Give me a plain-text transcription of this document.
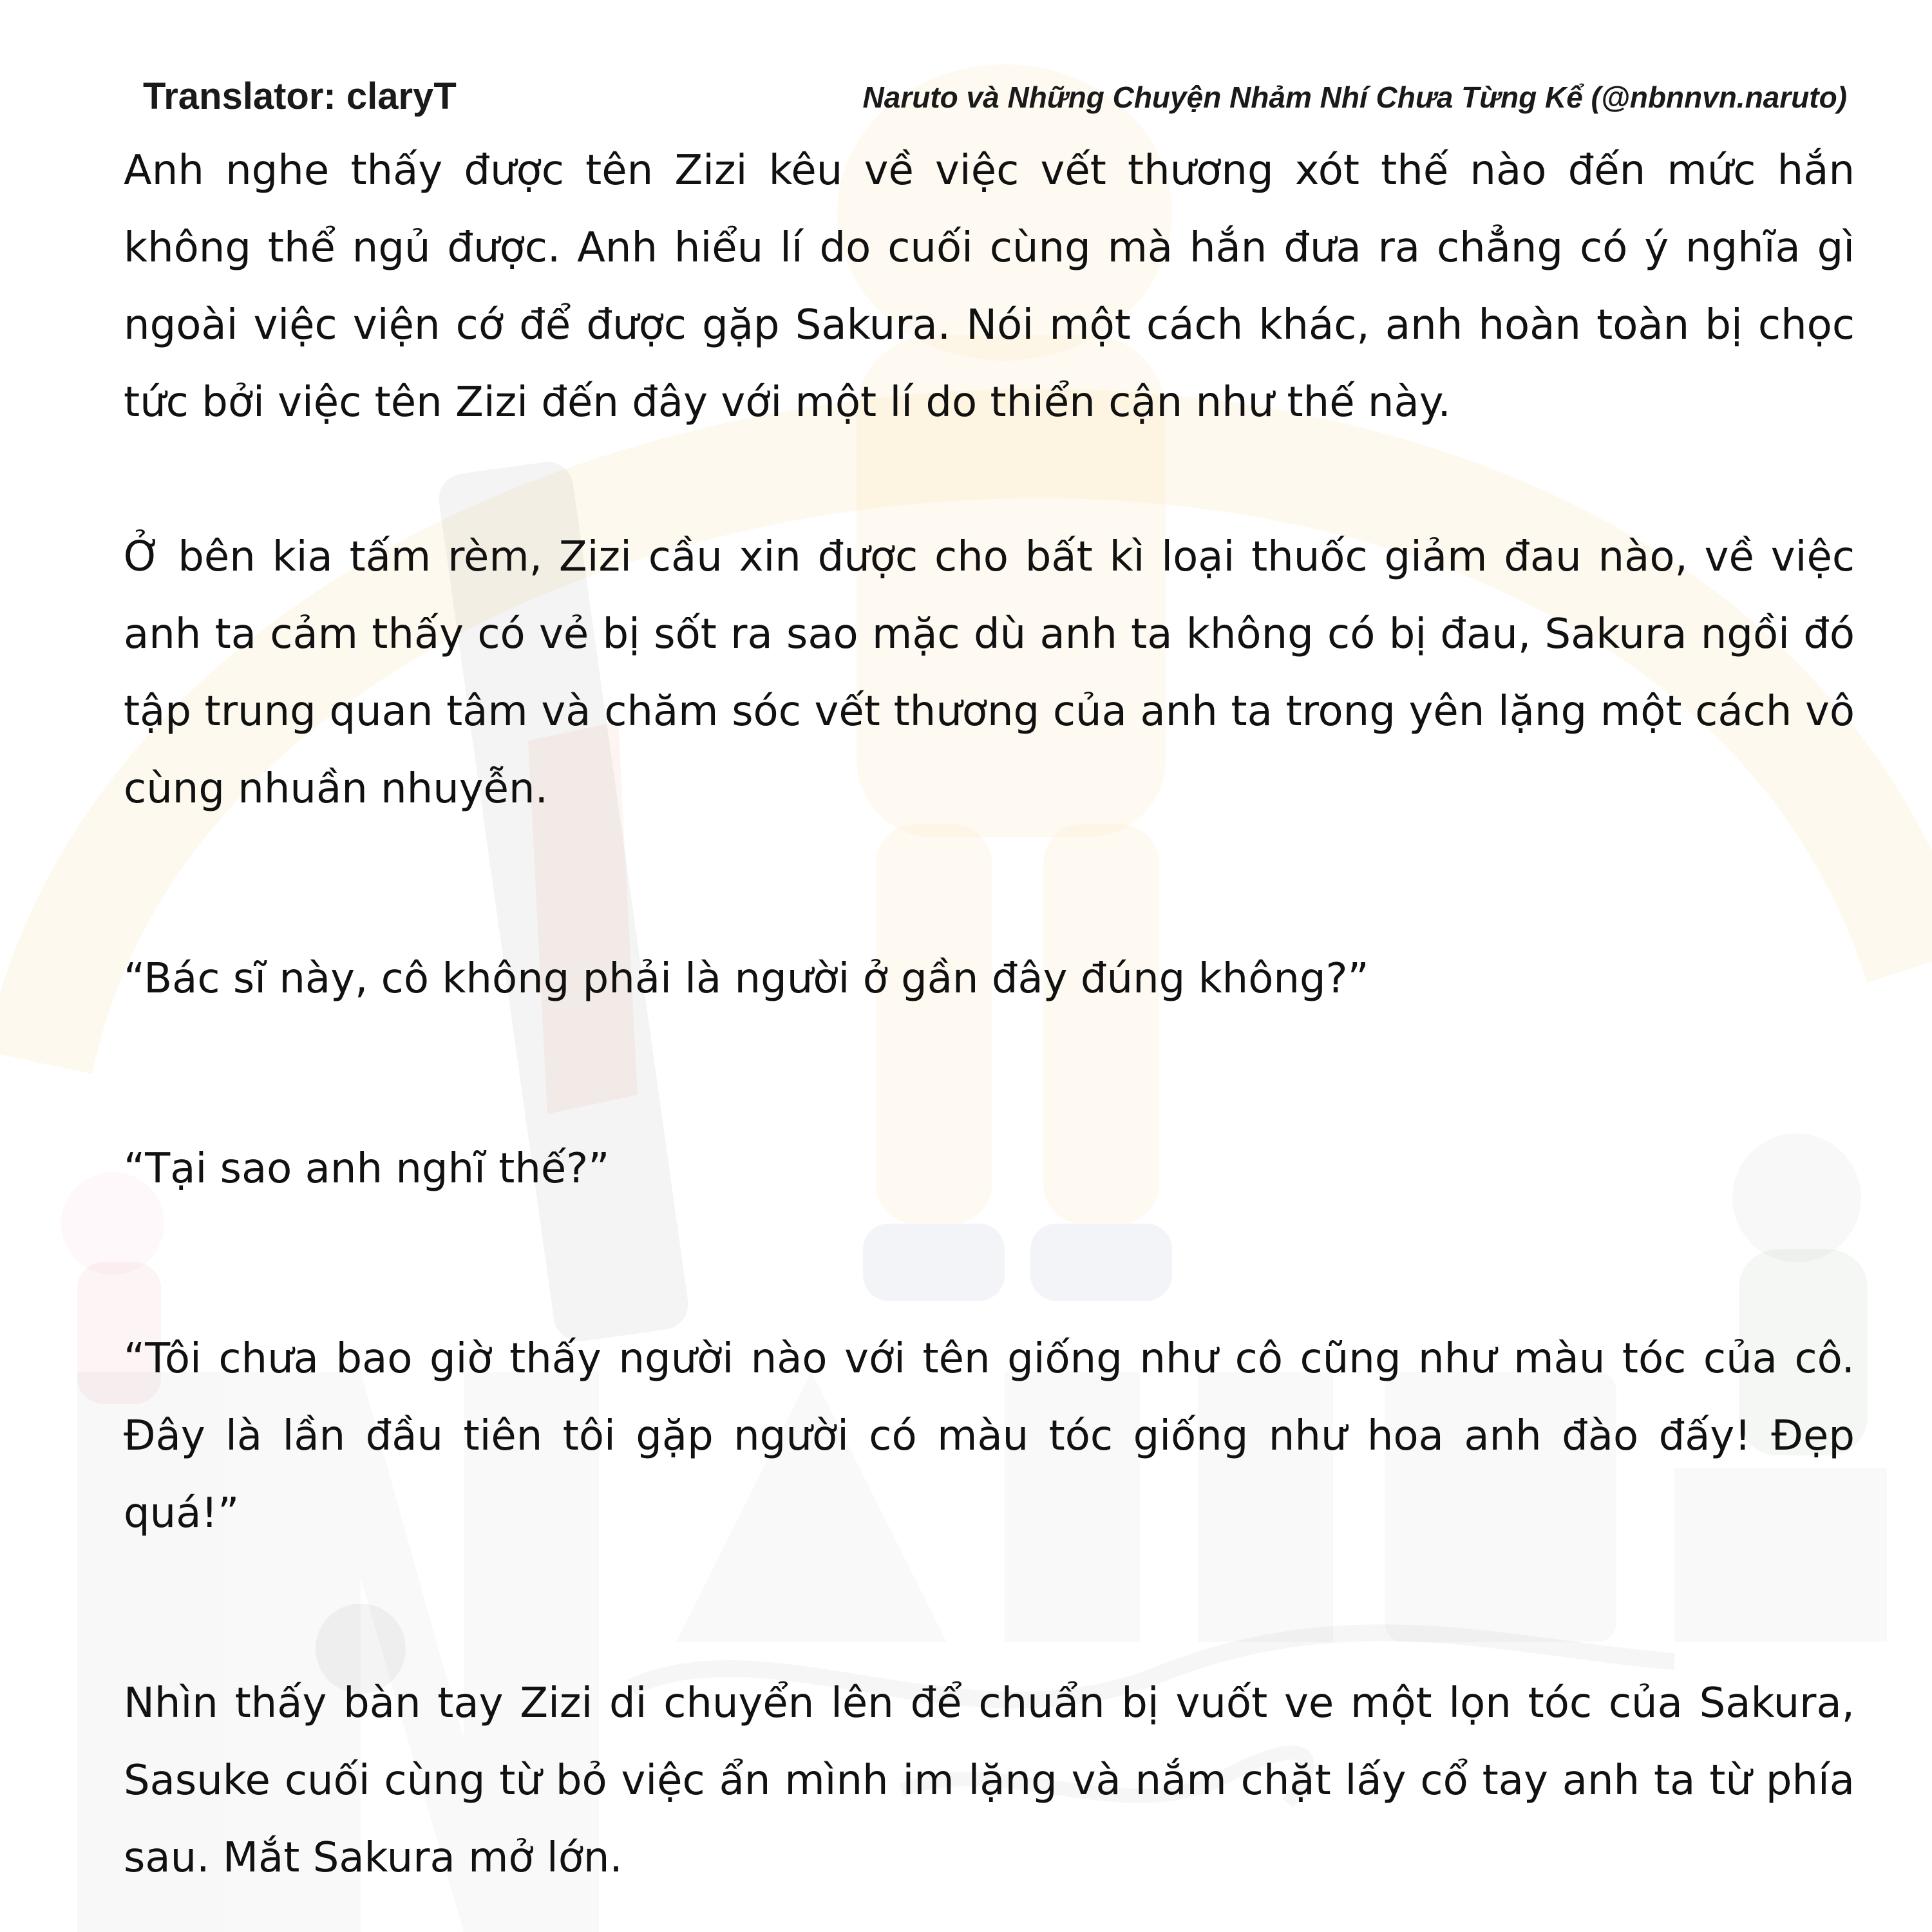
Translator: claryT	Naruto và Những Chuyện Nhảm Nhí Chưa Từng Kể (@nbnnvn.naruto)

Anh nghe thấy được tên Zizi kêu về việc vết thương xót thế nào đến mức hắn không thể ngủ được. Anh hiểu lí do cuối cùng mà hắn đưa ra chẳng có ý nghĩa gì ngoài việc viện cớ để được gặp Sakura. Nói một cách khác, anh hoàn toàn bị chọc tức bởi việc tên Zizi đến đây với một lí do thiển cận như thế này.

Ở bên kia tấm rèm, Zizi cầu xin được cho bất kì loại thuốc giảm đau nào, về việc anh ta cảm thấy có vẻ bị sốt ra sao mặc dù anh ta không có bị đau, Sakura ngồi đó tập trung quan tâm và chăm sóc vết thương của anh ta trong yên lặng một cách vô cùng nhuần nhuyễn.

“Bác sĩ này, cô không phải là người ở gần đây đúng không?”

“Tại sao anh nghĩ thế?”

“Tôi chưa bao giờ thấy người nào với tên giống như cô cũng như màu tóc của cô. Đây là lần đầu tiên tôi gặp người có màu tóc giống như hoa anh đào đấy! Đẹp quá!”

Nhìn thấy bàn tay Zizi di chuyển lên để chuẩn bị vuốt ve một lọn tóc của Sakura, Sasuke cuối cùng từ bỏ việc ẩn mình im lặng và nắm chặt lấy cổ tay anh ta từ phía sau. Mắt Sakura mở lớn.
